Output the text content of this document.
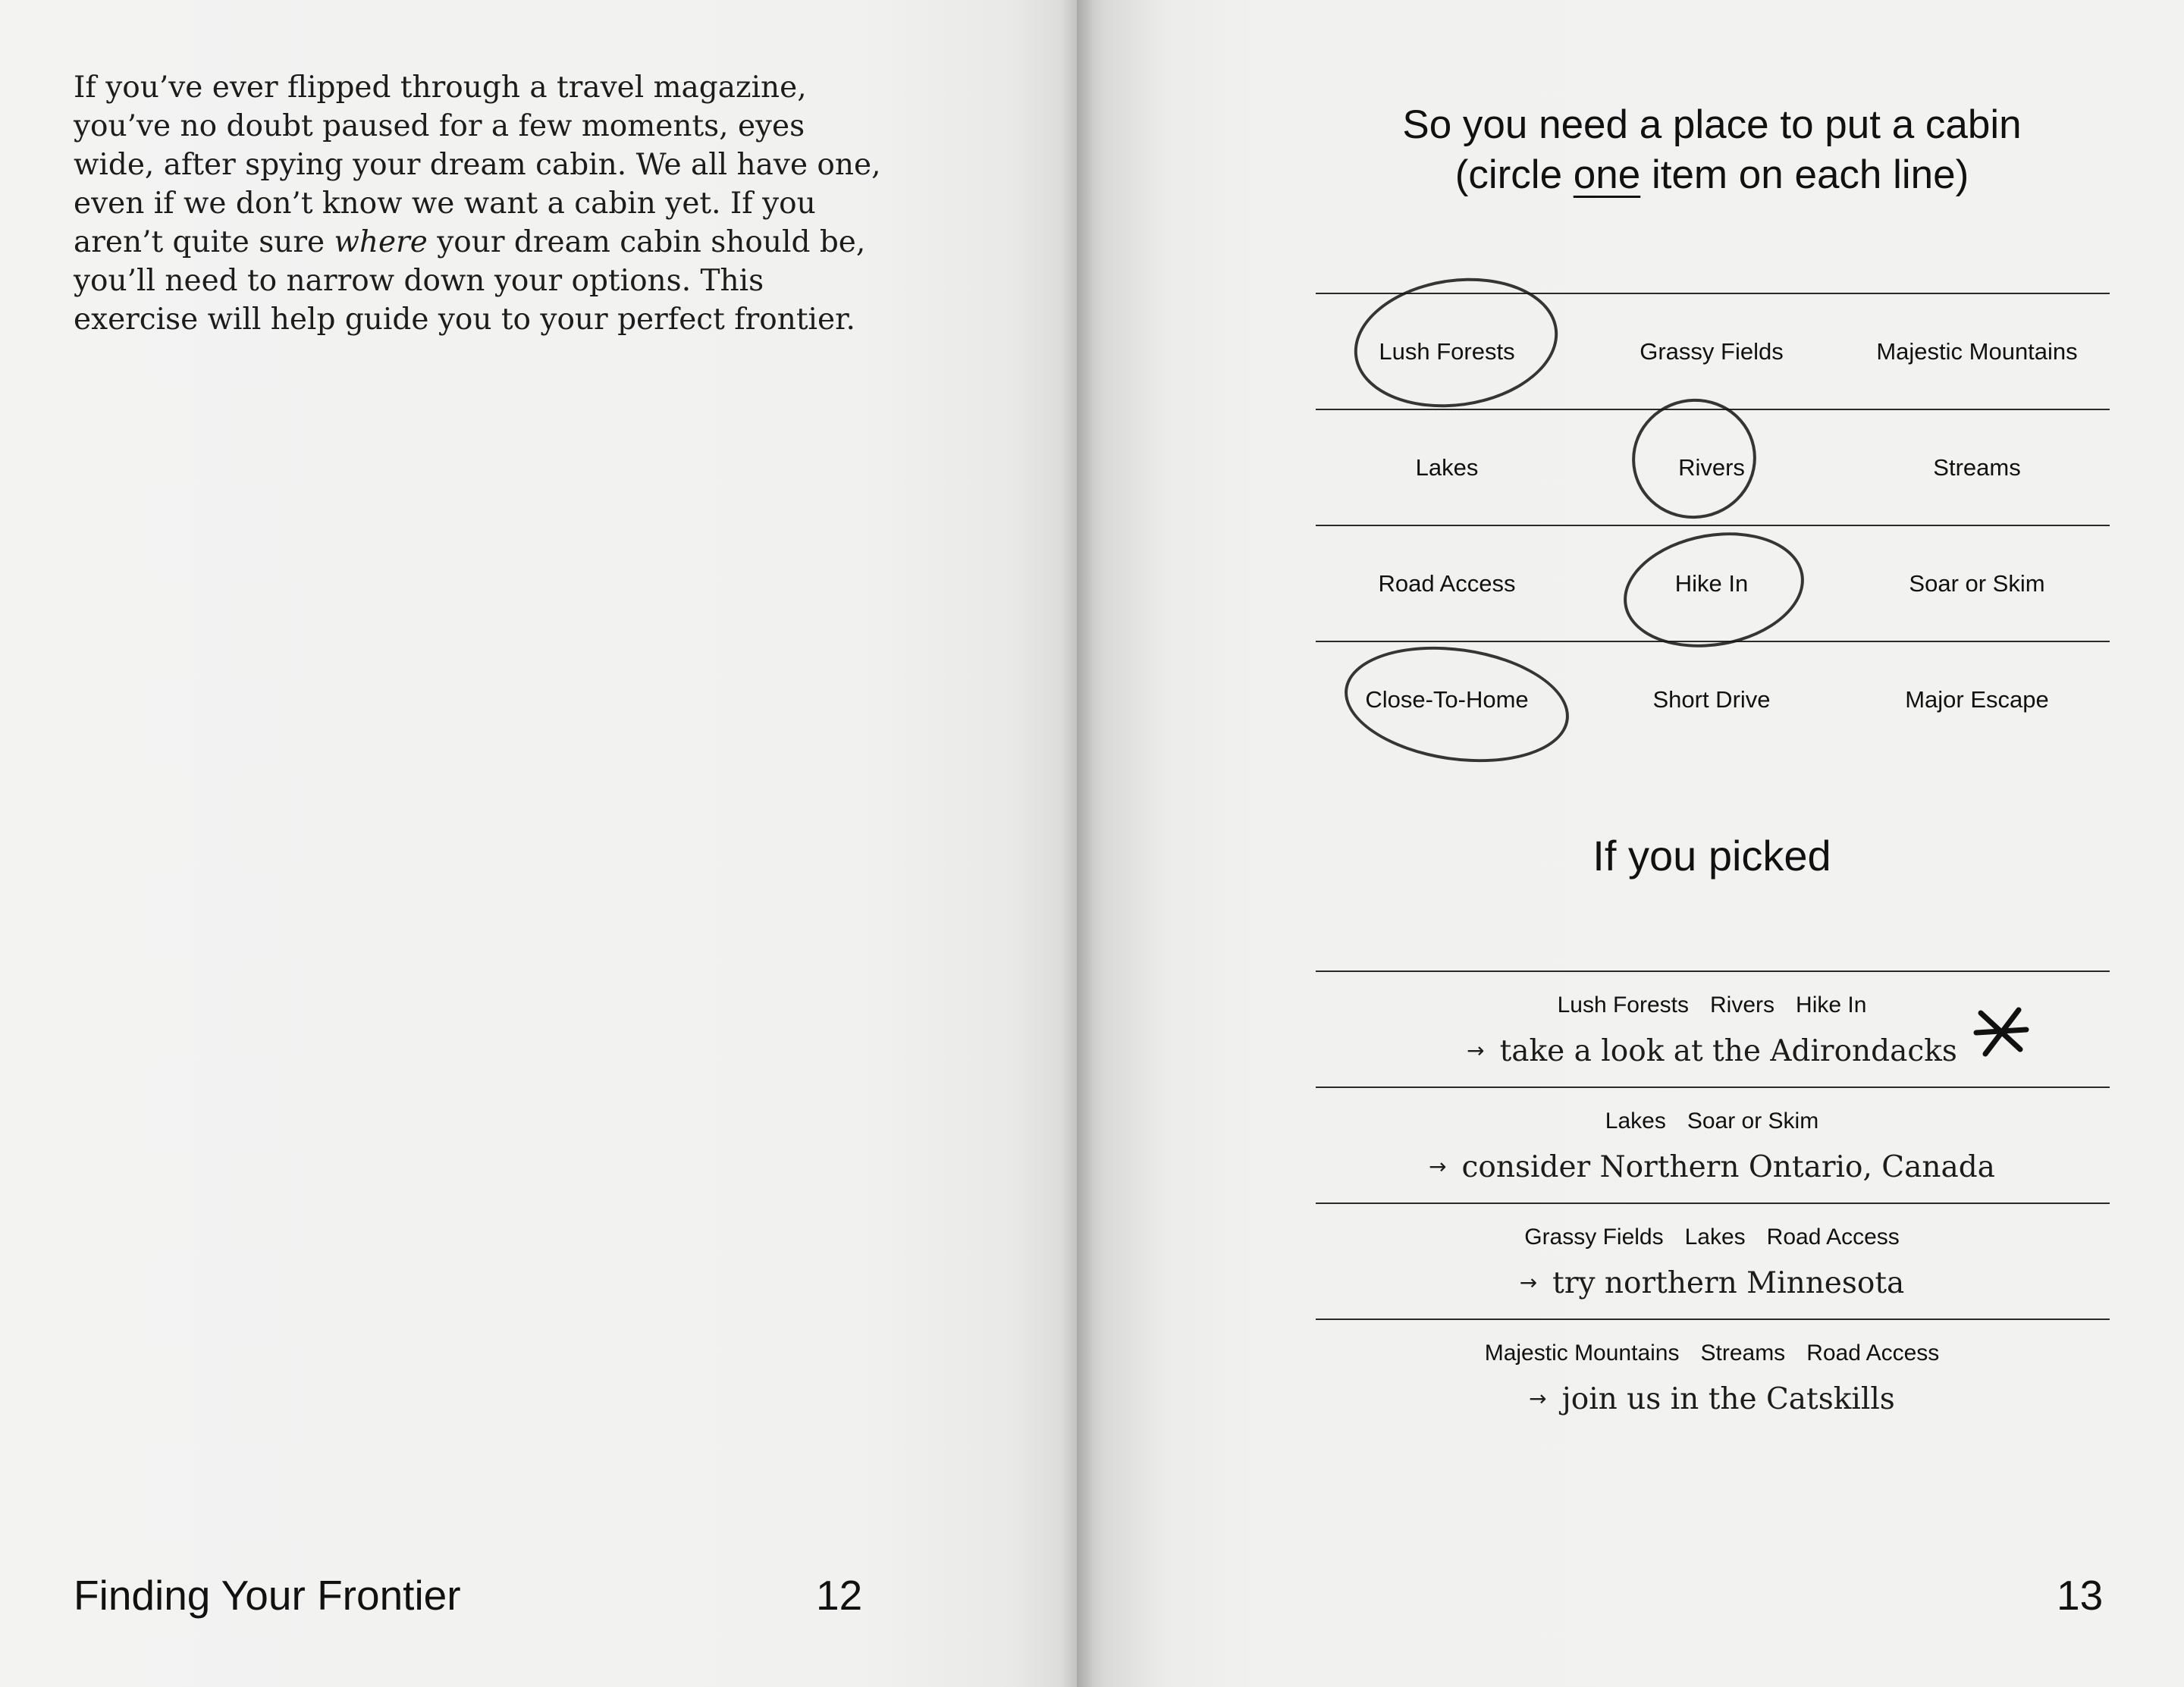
If you’ve ever flipped through a travel magazine, you’ve no doubt paused for a few moments, eyes wide, after spying your dream cabin. We all have one, even if we don’t know we want a cabin yet. If you aren’t quite sure where your dream cabin should be, you’ll need to narrow down your options. This exercise will help guide you to your perfect frontier.

Finding Your Frontier	12
So you need a place to put a cabin
(circle one item on each line)
Lush Forests	Grassy Fields	Majestic Mountains
Lakes	Rivers	Streams
Road Access	Hike In	Soar or Skim
Close-To-Home	Short Drive	Major Escape
If you picked
Lush Forests Rivers Hike In
→ take a look at the Adirondacks
Lakes Soar or Skim
→ consider Northern Ontario, Canada
Grassy Fields Lakes Road Access
→ try northern Minnesota
Majestic Mountains Streams Road Access
→ join us in the Catskills
13
